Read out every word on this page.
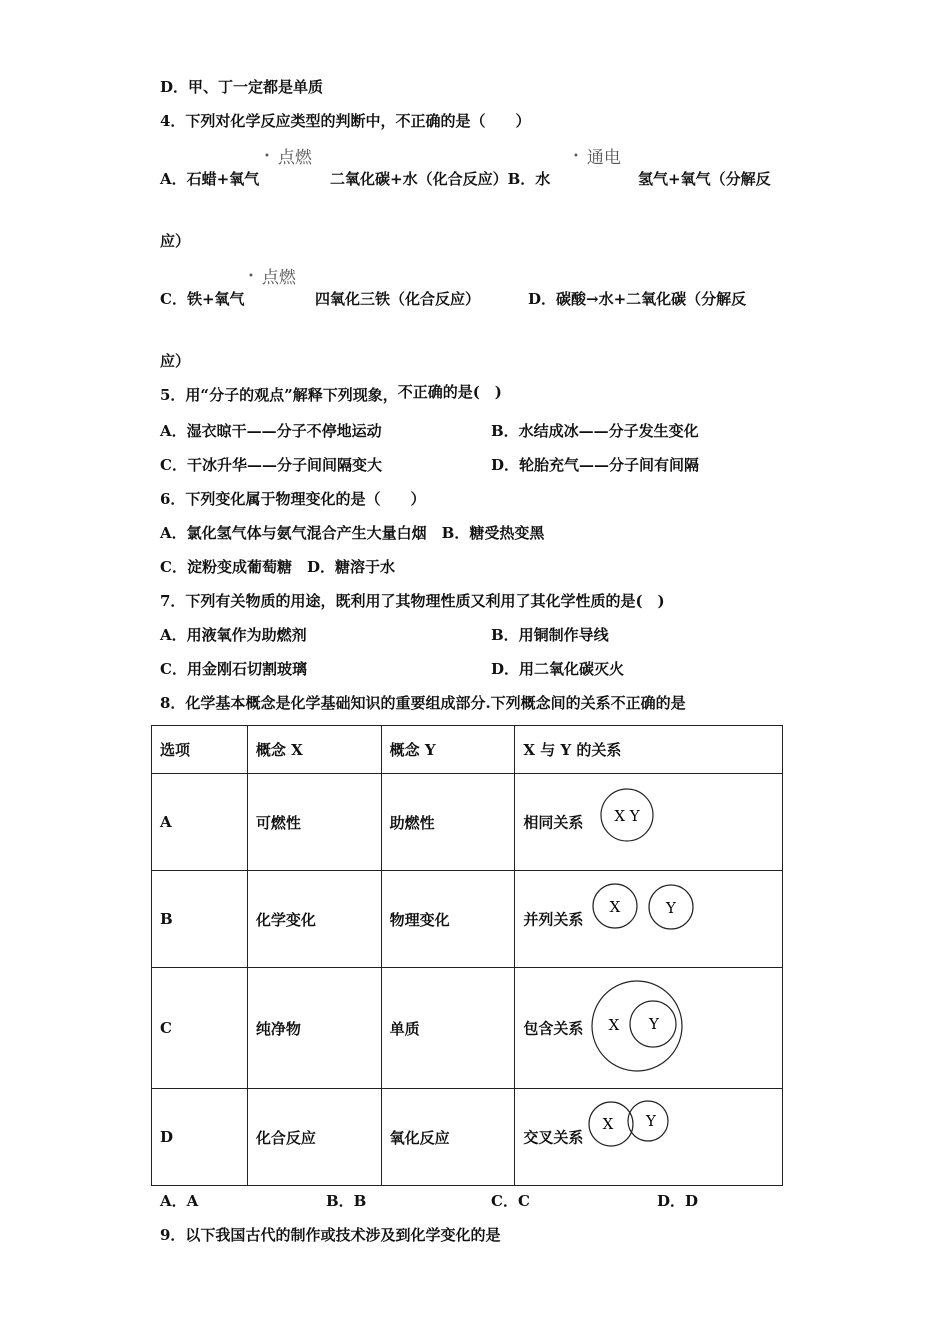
D．甲、丁一定都是单质
4．下列对化学反应类型的判断中，不正确的是（　　）
• 点燃	• 通电
A．石蜡+氧气	二氧化碳+水（化合反应）B．水	氢气+氧气（分解反
应）
• 点燃
C．铁+氧气	四氧化三铁（化合反应）	D．碳酸→水+二氧化碳（分解反
应）
5．用“分子的观点”解释下列现象，不正确的是(　)
A．湿衣晾干——分子不停地运动	B．水结成冰——分子发生变化
C．干冰升华——分子间间隔变大	D．轮胎充气——分子间有间隔
6．下列变化属于物理变化的是（　　）
A．氯化氢气体与氨气混合产生大量白烟　B．糖受热变黑
C．淀粉变成葡萄糖　D．糖溶于水
7．下列有关物质的用途，既利用了其物理性质又利用了其化学性质的是(　)
A．用液氧作为助燃剂	B．用铜制作导线
C．用金刚石切割玻璃	D．用二氧化碳灭火
8．化学基本概念是化学基础知识的重要组成部分.下列概念间的关系不正确的是
选项	概念 X	概念 Y	X 与 Y 的关系
A	可燃性	助燃性	相同关系 X Y

B	化学变化	物理变化	并列关系
X Y

C	纯净物	单质	包含关系 X Y

D	化合反应	氧化反应	交叉关系
X Y
A．A	B．B	C．C	D．D
9．以下我国古代的制作或技术涉及到化学变化的是
